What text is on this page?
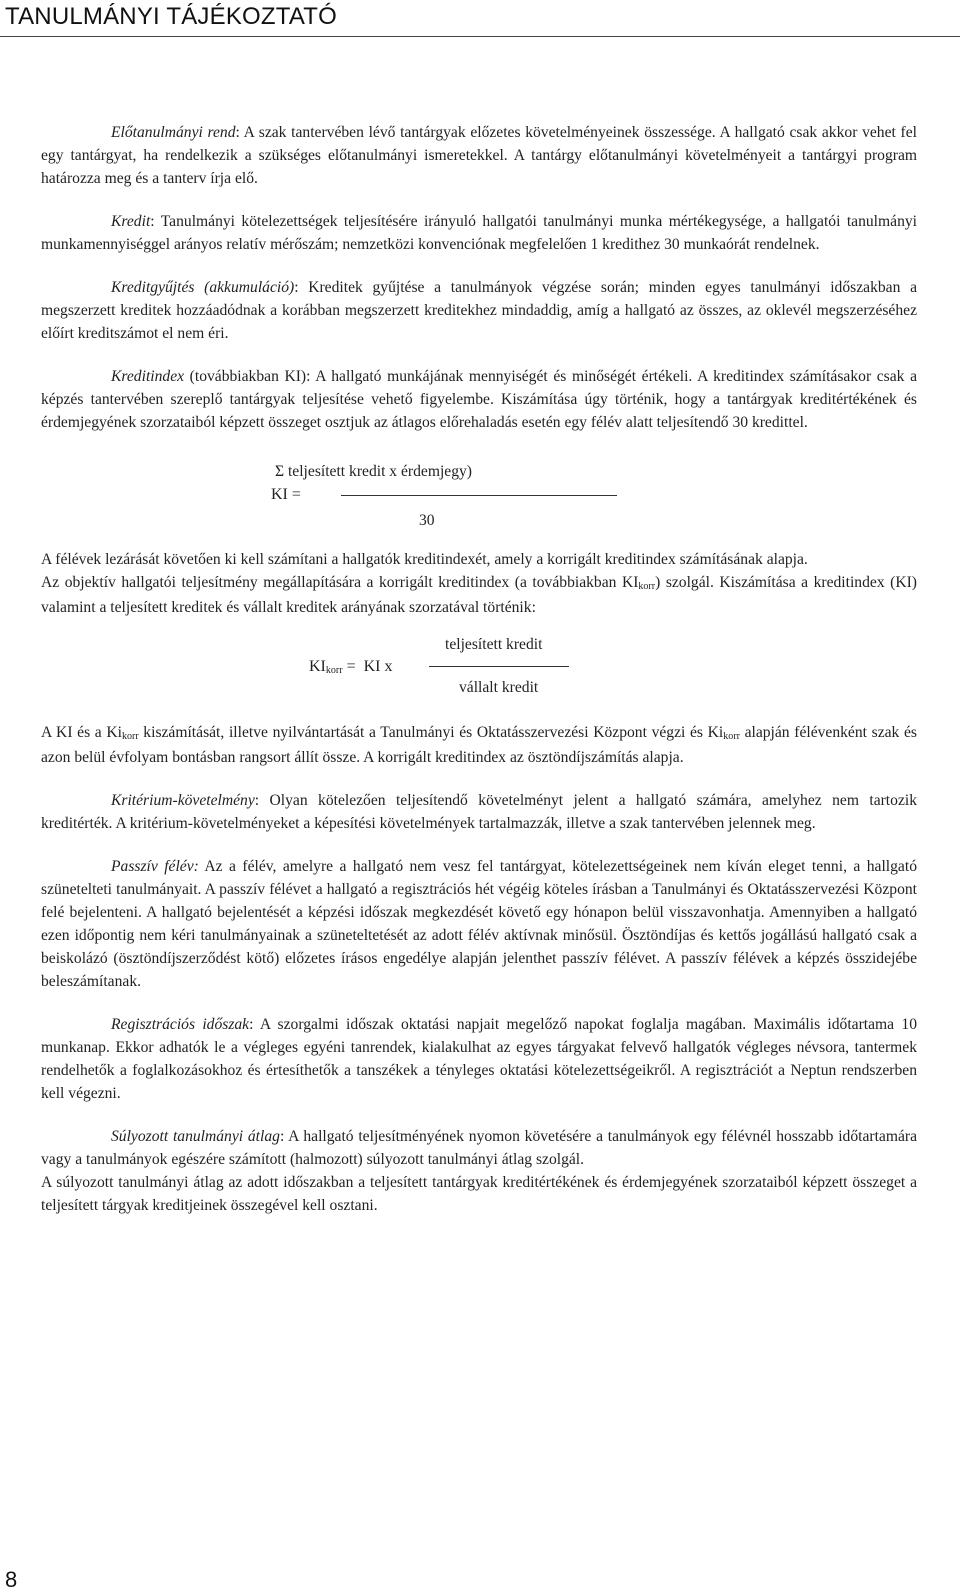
TANULMÁNYI TÁJÉKOZTATÓ

Előtanulmányi rend: A szak tantervében lévő tantárgyak előzetes követelményeinek összessége. A hallgató csak akkor vehet fel egy tantárgyat, ha rendelkezik a szükséges előtanulmányi ismeretekkel. A tantárgy előtanulmányi követelményeit a tantárgyi program határozza meg és a tanterv írja elő.

Kredit: Tanulmányi kötelezettségek teljesítésére irányuló hallgatói tanulmányi munka mértékegysége, a hallgatói tanulmányi munkamennyiséggel arányos relatív mérőszám; nemzetközi konvenciónak megfelelően 1 kredithez 30 munkaórát rendelnek.

Kreditgyűjtés (akkumuláció): Kreditek gyűjtése a tanulmányok végzése során; minden egyes tanulmányi időszakban a megszerzett kreditek hozzáadódnak a korábban megszerzett kreditekhez mindaddig, amíg a hallgató az összes, az oklevél megszerzéséhez előírt kreditszámot el nem éri.

Kreditindex (továbbiakban KI): A hallgató munkájának mennyiségét és minőségét értékeli. A kreditindex számításakor csak a képzés tantervében szereplő tantárgyak teljesítése vehető figyelembe. Kiszámítása úgy történik, hogy a tantárgyak kreditértékének és érdemjegyének szorzataiból képzett összeget osztjuk az átlagos előrehaladás esetén egy félév alatt teljesítendő 30 kredittel.

Σ teljesített kredit x érdemjegy)
KI =
30

A félévek lezárását követően ki kell számítani a hallgatók kreditindexét, amely a korrigált kreditindex számításának alapja.

Az objektív hallgatói teljesítmény megállapítására a korrigált kreditindex (a továbbiakban $KI_{korr}$) szolgál. Kiszámítása a kreditindex (KI) valamint a teljesített kreditek és vállalt kreditek arányának szorzatával történik:

teljesített kredit
$KI_{korr}$ =  KI x
vállalt kredit

A KI és a $Ki_{korr}$ kiszámítását, illetve nyilvántartását a Tanulmányi és Oktatásszervezési Központ végzi és $Ki_{korr}$ alapján félévenként szak és azon belül évfolyam bontásban rangsort állít össze. A korrigált kreditindex az ösztöndíjszámítás alapja.

Kritérium-követelmény: Olyan kötelezően teljesítendő követelményt jelent a hallgató számára, amelyhez nem tartozik kreditérték. A kritérium-követelményeket a képesítési követelmények tartalmazzák, illetve a szak tantervében jelennek meg.

Passzív félév: Az a félév, amelyre a hallgató nem vesz fel tantárgyat, kötelezettségeinek nem kíván eleget tenni, a hallgató szünetelteti tanulmányait. A passzív félévet a hallgató a regisztrációs hét végéig köteles írásban a Tanulmányi és Oktatásszervezési Központ felé bejelenteni. A hallgató bejelentését a képzési időszak megkezdését követő egy hónapon belül visszavonhatja. Amennyiben a hallgató ezen időpontig nem kéri tanulmányainak a szüneteltetését az adott félév aktívnak minősül. Ösztöndíjas és kettős jogállású hallgató csak a beiskolázó (ösztöndíjszerződést kötő) előzetes írásos engedélye alapján jelenthet passzív félévet. A passzív félévek a képzés összidejébe beleszámítanak.

Regisztrációs időszak: A szorgalmi időszak oktatási napjait megelőző napokat foglalja magában. Maximális időtartama 10 munkanap. Ekkor adhatók le a végleges egyéni tanrendek, kialakulhat az egyes tárgyakat felvevő hallgatók végleges névsora, tantermek rendelhetők a foglalkozásokhoz és értesíthetők a tanszékek a tényleges oktatási kötelezettségeikről. A regisztrációt a Neptun rendszerben kell végezni.

Súlyozott tanulmányi átlag: A hallgató teljesítményének nyomon követésére a tanulmányok egy félévnél hosszabb időtartamára vagy a tanulmányok egészére számított (halmozott) súlyozott tanulmányi átlag szolgál.

A súlyozott tanulmányi átlag az adott időszakban a teljesített tantárgyak kreditértékének és érdemjegyének szorzataiból képzett összeget a teljesített tárgyak kreditjeinek összegével kell osztani.

8
